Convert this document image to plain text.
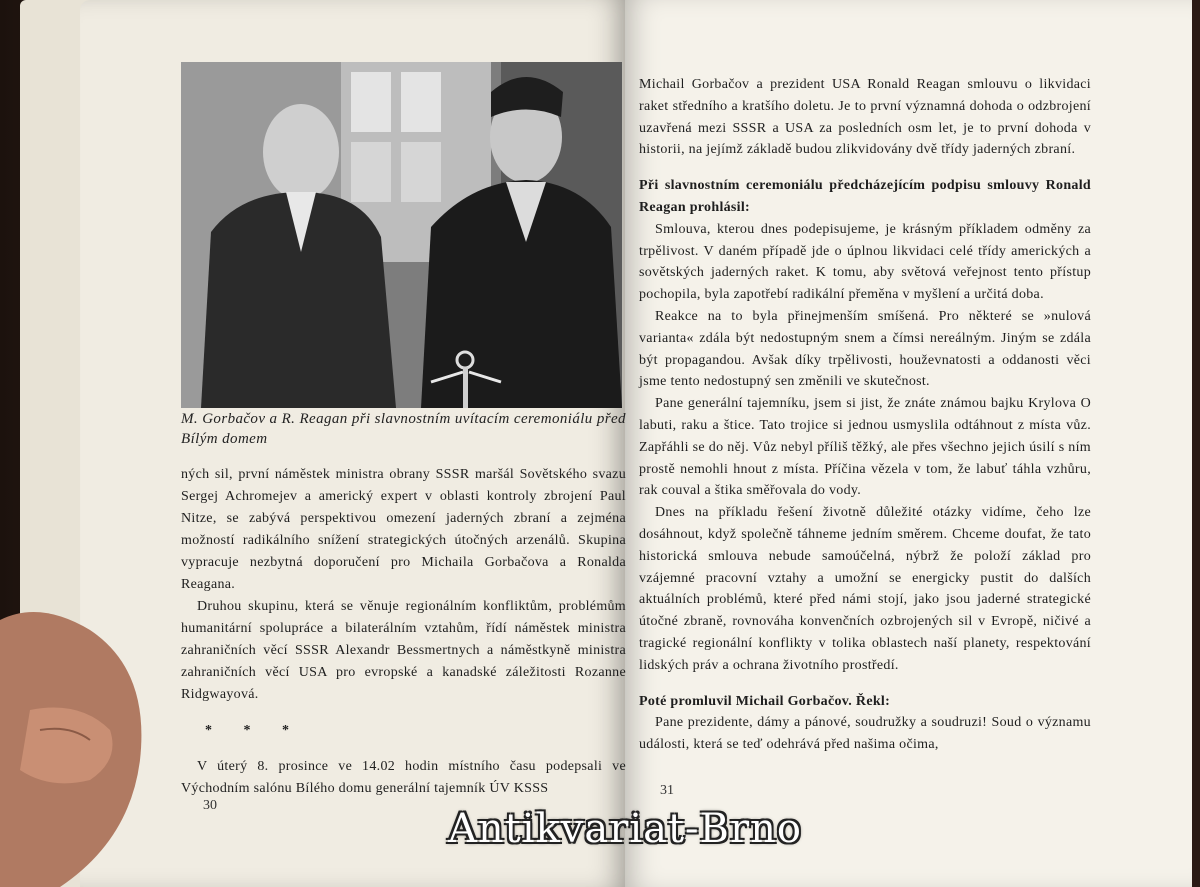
M. Gorbačov a R. Reagan při slavnostním uvítacím ceremoniálu před Bílým domem

ných sil, první náměstek ministra obrany SSSR maršál Sovětského svazu Sergej Achromejev a americký expert v oblasti kontroly zbrojení Paul Nitze, se zabývá perspektivou omezení jaderných zbraní a zejména možností radikálního snížení strategických útočných arzenálů. Skupina vypracuje nezbytná doporučení pro Michaila Gorbačova a Ronalda Reagana.

Druhou skupinu, která se věnuje regionálním konfliktům, problémům humanitární spolupráce a bilaterálním vztahům, řídí náměstek ministra zahraničních věcí SSSR Alexandr Bessmertnych a náměstkyně ministra zahraničních věcí USA pro evropské a kanadské záležitosti Rozanne Ridgwayová.

* * *

V úterý 8. prosince ve 14.02 hodin místního času podepsali ve Východním salónu Bílého domu generální tajemník ÚV KSSS

30

Michail Gorbačov a prezident USA Ronald Reagan smlouvu o likvidaci raket středního a kratšího doletu. Je to první významná dohoda o odzbrojení uzavřená mezi SSSR a USA za posledních osm let, je to první dohoda v historii, na jejímž základě budou zlikvidovány dvě třídy jaderných zbraní.

Při slavnostním ceremoniálu předcházejícím podpisu smlouvy Ronald Reagan prohlásil:

Smlouva, kterou dnes podepisujeme, je krásným příkladem odměny za trpělivost. V daném případě jde o úplnou likvidaci celé třídy amerických a sovětských jaderných raket. K tomu, aby světová veřejnost tento přístup pochopila, byla zapotřebí radikální přeměna v myšlení a určitá doba.

Reakce na to byla přinejmenším smíšená. Pro některé se »nulová varianta« zdála být nedostupným snem a čímsi nereálným. Jiným se zdála být propagandou. Avšak díky trpělivosti, houževnatosti a oddanosti věci jsme tento nedostupný sen změnili ve skutečnost.

Pane generální tajemníku, jsem si jist, že znáte známou bajku Krylova O labuti, raku a štice. Tato trojice si jednou usmyslila odtáhnout z místa vůz. Zapřáhli se do něj. Vůz nebyl příliš těžký, ale přes všechno jejich úsilí s ním prostě nemohli hnout z místa. Příčina vězela v tom, že labuť táhla vzhůru, rak couval a štika směřovala do vody.

Dnes na příkladu řešení životně důležité otázky vidíme, čeho lze dosáhnout, když společně táhneme jedním směrem. Chceme doufat, že tato historická smlouva nebude samoúčelná, nýbrž že položí základ pro vzájemné pracovní vztahy a umožní se energicky pustit do dalších aktuálních problémů, které před námi stojí, jako jsou jaderné strategické útočné zbraně, rovnováha konvenčních ozbrojených sil v Evropě, ničivé a tragické regionální konflikty v tolika oblastech naší planety, respektování lidských práv a ochrana životního prostředí.

Poté promluvil Michail Gorbačov. Řekl:

Pane prezidente, dámy a pánové, soudružky a soudruzi! Soud o významu události, která se teď odehrává před našima očima,

31
Antikvariat-Brno
